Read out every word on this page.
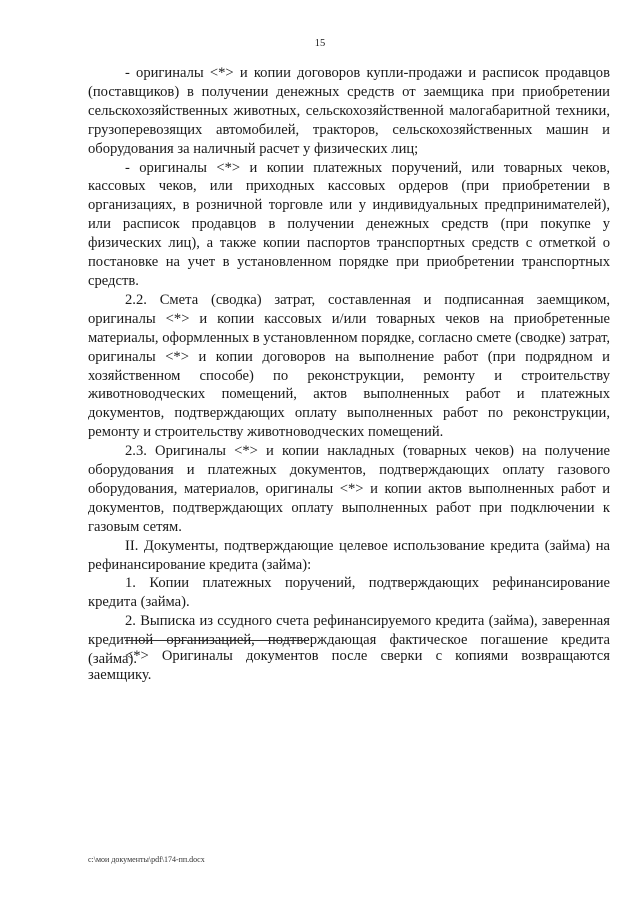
15

- оригиналы <*> и копии договоров купли-продажи и расписок продавцов (поставщиков) в получении денежных средств от заемщика при приобретении сельскохозяйственных животных, сельскохозяйственной малогабаритной техники, грузоперевозящих автомобилей, тракторов, сельскохозяйственных машин и оборудования за наличный расчет у физических лиц;

- оригиналы <*> и копии платежных поручений, или товарных чеков, кассовых чеков, или приходных кассовых ордеров (при приобретении в организациях, в розничной торговле или у индивидуальных предпринимателей), или расписок продавцов в получении денежных средств (при покупке у физических лиц), а также копии паспортов транспортных средств с отметкой о постановке на учет в установленном порядке при приобретении транспортных средств.

2.2. Смета (сводка) затрат, составленная и подписанная заемщиком, оригиналы <*> и копии кассовых и/или товарных чеков на приобретенные материалы, оформленных в установленном порядке, согласно смете (сводке) затрат, оригиналы <*> и копии договоров на выполнение работ (при подрядном и хозяйственном способе) по реконструкции, ремонту и строительству животноводческих помещений, актов выполненных работ и платежных документов, подтверждающих оплату выполненных работ по реконструкции, ремонту и строительству животноводческих помещений.

2.3. Оригиналы <*> и копии накладных (товарных чеков) на получение оборудования и платежных документов, подтверждающих оплату газового оборудования, материалов, оригиналы <*> и копии актов выполненных работ и документов, подтверждающих оплату выполненных работ при подключении к газовым сетям.

II. Документы, подтверждающие целевое использование кредита (займа) на рефинансирование кредита (займа):

1. Копии платежных поручений, подтверждающих рефинансирование кредита (займа).

2. Выписка из ссудного счета рефинансируемого кредита (займа), заверенная кредитной организацией, подтверждающая фактическое погашение кредита (займа).

<*> Оригиналы документов после сверки с копиями возвращаются заемщику.

c:\мои документы\pdf\174-пп.docx
